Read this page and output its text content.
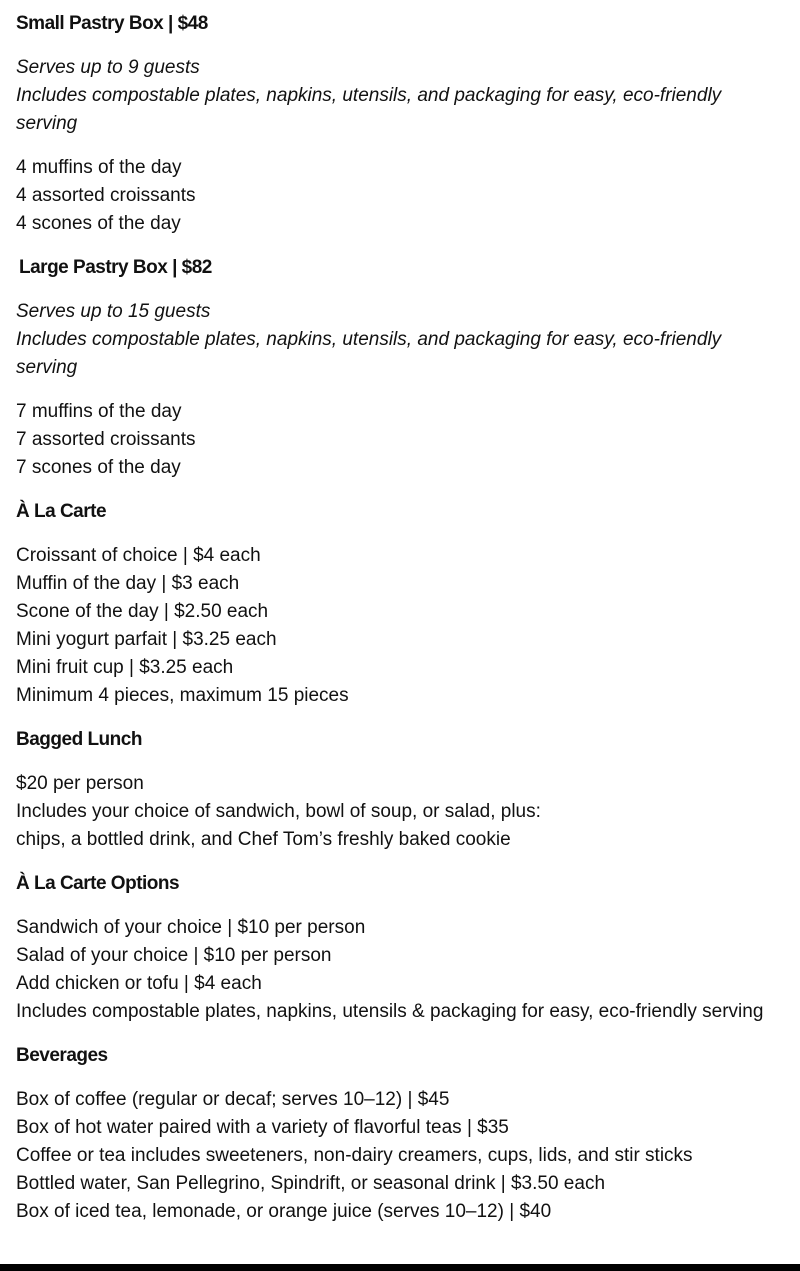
Small Pastry Box | $48
Serves up to 9 guests
Includes compostable plates, napkins, utensils, and packaging for easy, eco-friendly serving
4 muffins of the day
4 assorted croissants
4 scones of the day
Large Pastry Box | $82
Serves up to 15 guests
Includes compostable plates, napkins, utensils, and packaging for easy, eco-friendly serving
7 muffins of the day
7 assorted croissants
7 scones of the day
À La Carte
Croissant of choice | $4 each
Muffin of the day | $3 each
Scone of the day | $2.50 each
Mini yogurt parfait | $3.25 each
Mini fruit cup | $3.25 each
Minimum 4 pieces, maximum 15 pieces
Bagged Lunch
$20 per person
Includes your choice of sandwich, bowl of soup, or salad, plus:
chips, a bottled drink, and Chef Tom’s freshly baked cookie
À La Carte Options
Sandwich of your choice | $10 per person
Salad of your choice | $10 per person
Add chicken or tofu | $4 each
Includes compostable plates, napkins, utensils & packaging for easy, eco-friendly serving
Beverages
Box of coffee (regular or decaf; serves 10–12) | $45
Box of hot water paired with a variety of flavorful teas | $35
Coffee or tea includes sweeteners, non-dairy creamers, cups, lids, and stir sticks
Bottled water, San Pellegrino, Spindrift, or seasonal drink | $3.50 each
Box of iced tea, lemonade, or orange juice (serves 10–12) | $40
